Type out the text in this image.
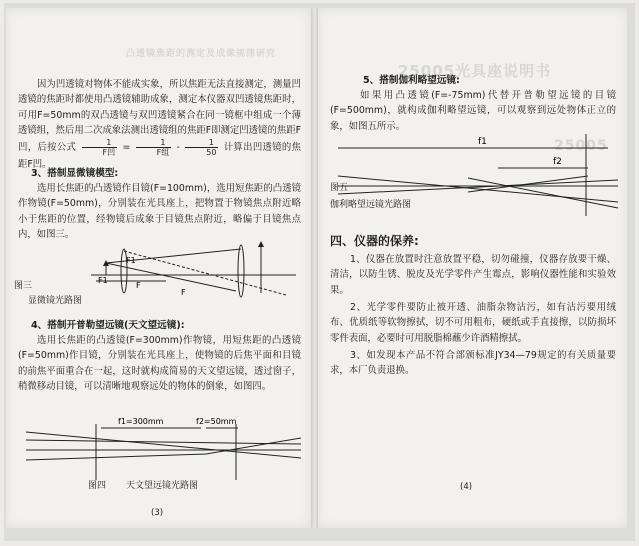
凸透镜焦距的测定及成像规律研究
因为凹透镜对物体不能成实象，所以焦距无法直接测定，测量凹透镜的焦距时都使用凸透镜辅助成象，测定本仪器双凹透镜焦距时，可用F=50mm的双凸透镜与双凹透镜紧合在同一镜框中组成一个薄透镜组，然后用二次成象法测出透镜组的焦距F即测定凹透镜的焦距F凹，后按公式 $\frac{1}{\text{F凹}} = \frac{1}{\text{F组}} - \frac{1}{50}$ 计算出凹透镜的焦距F凹。
3、搭制显微镜模型:
选用长焦距的凸透镜作目镜(F=100mm)，选用短焦距的凸透镜作物镜(F=50mm)，分别装在光具座上，把物置于物镜焦点附近略小于焦距的位置，经物镜后成象于目镜焦点附近，略偏于目镜焦点内，如图三。
F1
F
F1
F
图三
显微镜光路图
4、搭制开普勒望远镜(天文望远镜):
选用长焦距的凸透镜(F=300mm)作物镜，用短焦距的凸透镜(F=50mm)作目镜，分别装在光具座上，使物镜的后焦平面和目镜的前焦平面重合在一起，这时就构成简易的天文望远镜，透过窗子，稍微移动目镜，可以清晰地观察远处的物体的倒象，如图四。
f1=300mm	f2=50mm
图四 天文望远镜光路图
(3)
25005光具座说明书
25005
5、搭制伽利略望远镜:
如果用凸透镜(F=-75mm)代替开普勒望远镜的目镜(F=500mm)，就构成伽利略望远镜，可以观察到远处物体正立的象，如图五所示。
f1
f2
图五
伽利略望远镜光路图
四、仪器的保养:
1、仪器在放置时注意放置平稳，切勿碰撞，仪器存放要干燥、清洁，以防生锈、脱皮及光学零件产生霉点，影响仪器性能和实验效果。
2、光学零件要防止被开透、油脂杂物沾污，如有沾污要用绒布、优质纸等软物擦拭，切不可用粗布，硬纸或手直接擦，以防损坏零件表面，必要时可用脱脂棉蘸少许酒精擦拭。
3、如发现本产品不符合部颁标准JY34—79规定的有关质量要求，本厂负责退换。
(4)
